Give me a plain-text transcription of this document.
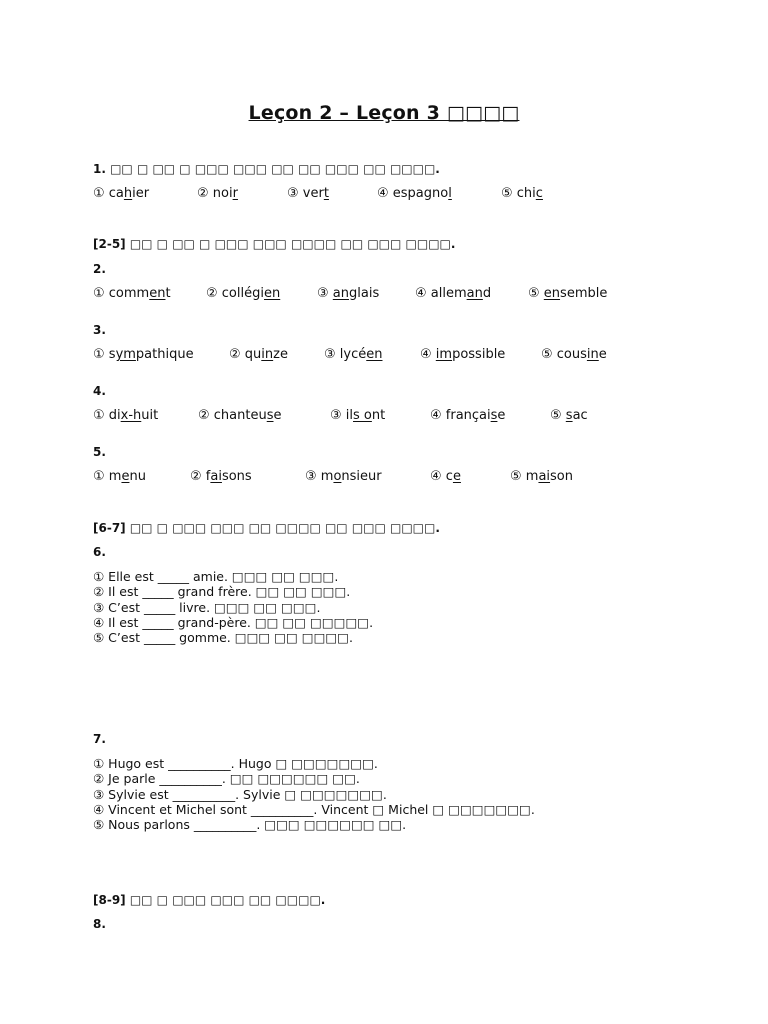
Leçon 2 – Leçon 3 □□□□
1. □□ □ □□ □ □□□ □□□ □□ □□ □□□ □□ □□□□.
① cahier	② noir	③ vert	④ espagnol	⑤ chic
[2-5] □□ □ □□ □ □□□ □□□ □□□□ □□ □□□ □□□□.
2.
① comment	② collégien	③ anglais	④ allemand	⑤ ensemble
3.
① sympathique	② quinze	③ lycéen	④ impossible	⑤ cousine
4.
① dix-huit	② chanteuse	③ ils ont	④ française	⑤ sac
5.
① menu	② faisons	③ monsieur	④ ce	⑤ maison
[6-7] □□ □ □□□ □□□ □□ □□□□ □□ □□□ □□□□.
6.
① Elle est _____ amie. □□□ □□ □□□.
② Il est _____ grand frère. □□ □□ □□□.
③ C’est _____ livre. □□□ □□ □□□.
④ Il est _____ grand-père. □□ □□ □□□□□.
⑤ C’est _____ gomme. □□□ □□ □□□□.
7.
① Hugo est __________. Hugo □ □□□□□□□.
② Je parle __________. □□ □□□□□□ □□.
③ Sylvie est __________. Sylvie □ □□□□□□□.
④ Vincent et Michel sont __________. Vincent □ Michel □ □□□□□□□.
⑤ Nous parlons __________. □□□ □□□□□□ □□.
[8-9] □□ □ □□□ □□□ □□ □□□□.
8.
